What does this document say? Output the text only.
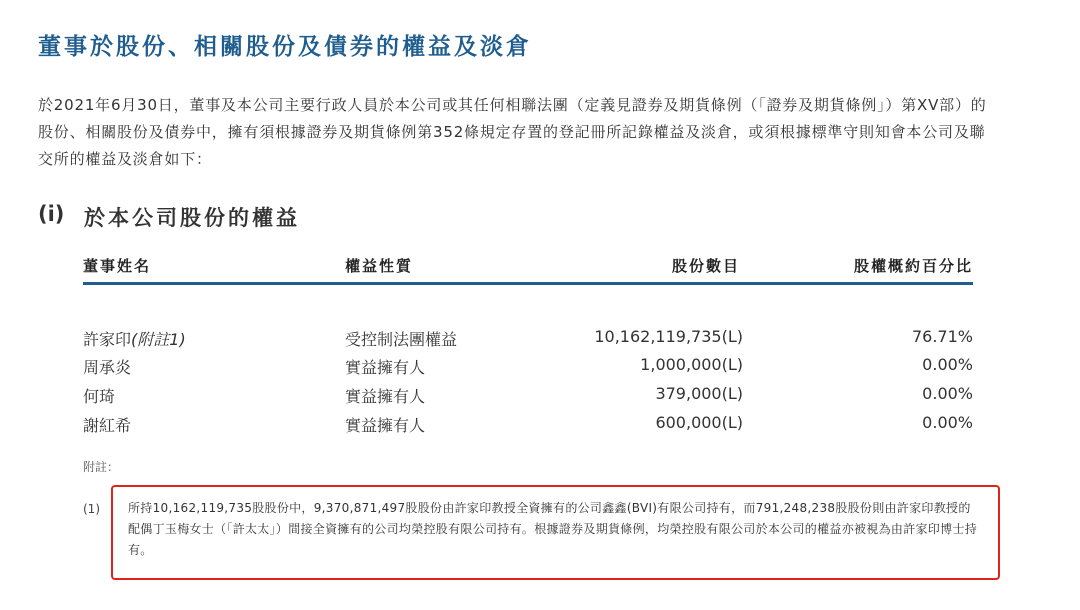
董事於股份、相關股份及債券的權益及淡倉
於2021年6月30日，董事及本公司主要行政人員於本公司或其任何相聯法團（定義見證券及期貨條例（「證券及期貨條例」）第XV部）的股份、相關股份及債券中，擁有須根據證券及期貨條例第352條規定存置的登記冊所記錄權益及淡倉，或須根據標準守則知會本公司及聯交所的權益及淡倉如下：
(i) 於本公司股份的權益
董事姓名	權益性質	股份數目	股權概約百分比
許家印(附註1)	受控制法團權益	10,162,119,735(L)	76.71%
周承炎	實益擁有人	1,000,000(L)	0.00%
何琦	實益擁有人	379,000(L)	0.00%
謝紅希	實益擁有人	600,000(L)	0.00%
附註：
(1) 所持10,162,119,735股股份中，9,370,871,497股股份由許家印教授全資擁有的公司鑫鑫(BVI)有限公司持有，而791,248,238股股份則由許家印教授的配偶丁玉梅女士（「許太太」）間接全資擁有的公司均榮控股有限公司持有。根據證券及期貨條例，均榮控股有限公司於本公司的權益亦被視為由許家印博士持有。
